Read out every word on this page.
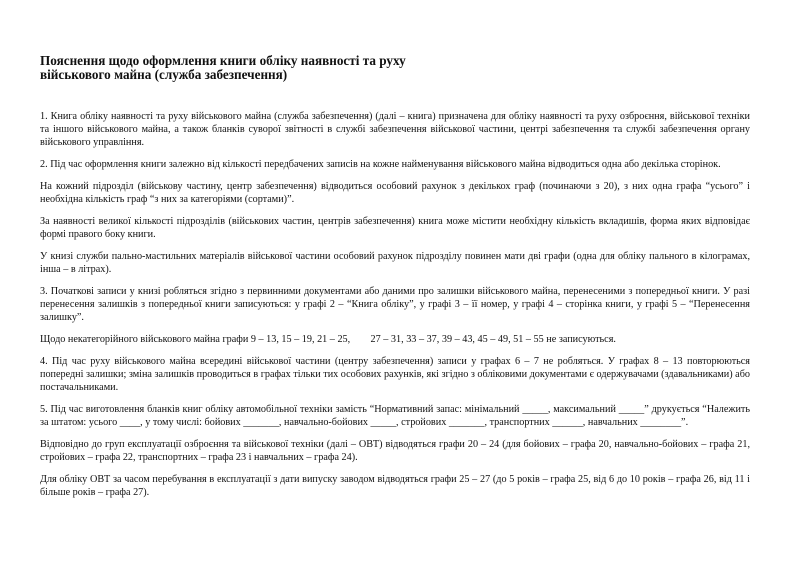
Пояснення щодо оформлення книги обліку наявності та руху
військового майна (служба забезпечення)

1. Книга обліку наявності та руху військового майна (служба забезпечення) (далі – книга) призначена для обліку наявності та руху озброєння, військової техніки та іншого військового майна, а також бланків суворої звітності в службі забезпечення військової частини, центрі забезпечення та службі забезпечення органу військового управління.

2. Під час оформлення книги залежно від кількості передбачених записів на кожне найменування військового майна відводиться одна або декілька сторінок.

На кожний підрозділ (військову частину, центр забезпечення) відводиться особовий рахунок з декількох граф (починаючи з 20), з них одна графа “усього” і необхідна кількість граф “з них за категоріями (сортами)”.

За наявності великої кількості підрозділів (військових частин, центрів забезпечення) книга може містити необхідну кількість вкладишів, форма яких відповідає формі правого боку книги.

У книзі служби пально-мастильних матеріалів військової частини особовий рахунок підрозділу повинен мати дві графи (одна для обліку пального в кілограмах, інша – в літрах).

3. Початкові записи у книзі робляться згідно з первинними документами або даними про залишки військового майна, перенесеними з попередньої книги. У разі перенесення залишків з попередньої книги записуються: у графі 2 – “Книга обліку”, у графі 3 – її номер, у графі 4 – сторінка книги, у графі 5 – “Перенесення залишку”.

Щодо некатегорійного військового майна графи 9 – 13, 15 – 19, 21 – 25,        27 – 31, 33 – 37, 39 – 43, 45 – 49, 51 – 55 не записуються.

4. Під час руху військового майна всередині військової частини (центру забезпечення) записи у графах 6 – 7 не робляться. У графах 8 – 13 повторюються попередні залишки; зміна залишків проводиться в графах тільки тих особових рахунків, які згідно з обліковими документами є одержувачами (здавальниками) або постачальниками.

5. Під час виготовлення бланків книг обліку автомобільної техніки замість “Нормативний запас: мінімальний _____, максимальний _____” друкується “Належить за штатом: усього ____, у тому числі: бойових _______, навчально-бойових _____, стройових _______, транспортних ______, навчальних ________”.

Відповідно до груп експлуатації озброєння та військової техніки (далі – ОВТ) відводяться графи 20 – 24 (для бойових – графа 20, навчально-бойових – графа 21, стройових – графа 22, транспортних – графа 23 і навчальних – графа 24).

Для обліку ОВТ за часом перебування в експлуатації з дати випуску заводом відводяться графи 25 – 27 (до 5 років – графа 25, від 6 до 10 років – графа 26, від 11 і більше років – графа 27).
